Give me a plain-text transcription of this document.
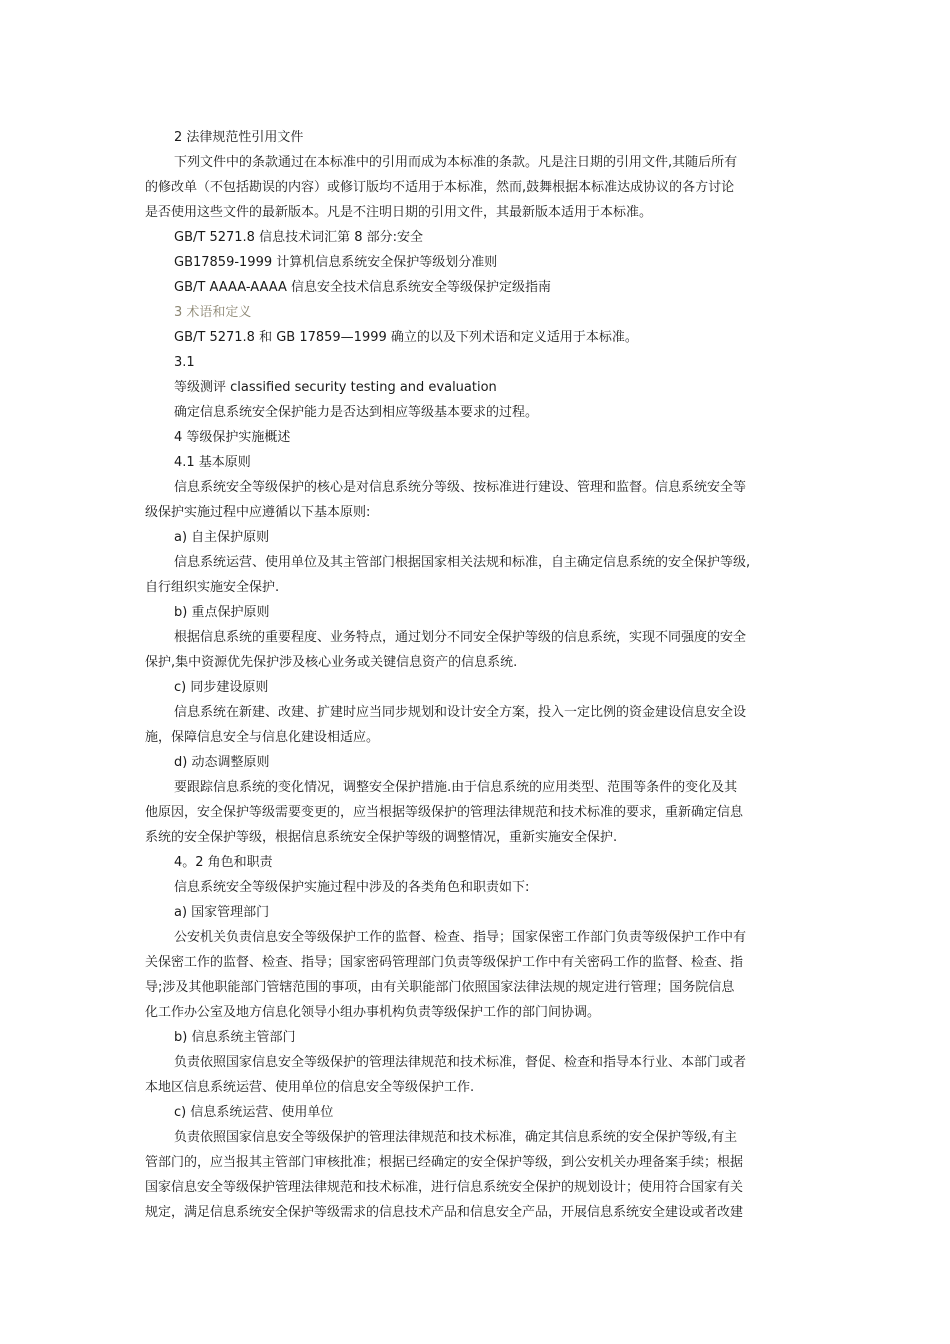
2 法律规范性引用文件

下列文件中的条款通过在本标准中的引用而成为本标准的条款。凡是注日期的引用文件,其随后所有

的修改单（不包括勘误的内容）或修订版均不适用于本标准，然而,鼓舞根据本标准达成协议的各方讨论

是否使用这些文件的最新版本。凡是不注明日期的引用文件，其最新版本适用于本标准。

GB/T 5271.8 信息技术词汇第 8 部分:安全

GB17859-1999 计算机信息系统安全保护等级划分准则

GB/T AAAA-AAAA 信息安全技术信息系统安全等级保护定级指南

3 术语和定义

GB/T 5271.8 和 GB 17859—1999 确立的以及下列术语和定义适用于本标准。

3.1

等级测评 classified security testing and evaluation

确定信息系统安全保护能力是否达到相应等级基本要求的过程。

4 等级保护实施概述

4.1 基本原则

信息系统安全等级保护的核心是对信息系统分等级、按标准进行建设、管理和监督。信息系统安全等

级保护实施过程中应遵循以下基本原则:

a) 自主保护原则

信息系统运营、使用单位及其主管部门根据国家相关法规和标准，自主确定信息系统的安全保护等级,

自行组织实施安全保护.

b) 重点保护原则

根据信息系统的重要程度、业务特点，通过划分不同安全保护等级的信息系统，实现不同强度的安全

保护,集中资源优先保护涉及核心业务或关键信息资产的信息系统.

c) 同步建设原则

信息系统在新建、改建、扩建时应当同步规划和设计安全方案，投入一定比例的资金建设信息安全设

施，保障信息安全与信息化建设相适应。

d) 动态调整原则

要跟踪信息系统的变化情况，调整安全保护措施.由于信息系统的应用类型、范围等条件的变化及其

他原因，安全保护等级需要变更的，应当根据等级保护的管理法律规范和技术标准的要求，重新确定信息

系统的安全保护等级，根据信息系统安全保护等级的调整情况，重新实施安全保护.

4。2 角色和职责

信息系统安全等级保护实施过程中涉及的各类角色和职责如下:

a) 国家管理部门

公安机关负责信息安全等级保护工作的监督、检查、指导；国家保密工作部门负责等级保护工作中有

关保密工作的监督、检查、指导；国家密码管理部门负责等级保护工作中有关密码工作的监督、检查、指

导;涉及其他职能部门管辖范围的事项，由有关职能部门依照国家法律法规的规定进行管理；国务院信息

化工作办公室及地方信息化领导小组办事机构负责等级保护工作的部门间协调。

b) 信息系统主管部门

负责依照国家信息安全等级保护的管理法律规范和技术标准，督促、检查和指导本行业、本部门或者

本地区信息系统运营、使用单位的信息安全等级保护工作.

c) 信息系统运营、使用单位

负责依照国家信息安全等级保护的管理法律规范和技术标准，确定其信息系统的安全保护等级,有主

管部门的，应当报其主管部门审核批准；根据已经确定的安全保护等级，到公安机关办理备案手续；根据

国家信息安全等级保护管理法律规范和技术标准，进行信息系统安全保护的规划设计；使用符合国家有关

规定，满足信息系统安全保护等级需求的信息技术产品和信息安全产品，开展信息系统安全建设或者改建
